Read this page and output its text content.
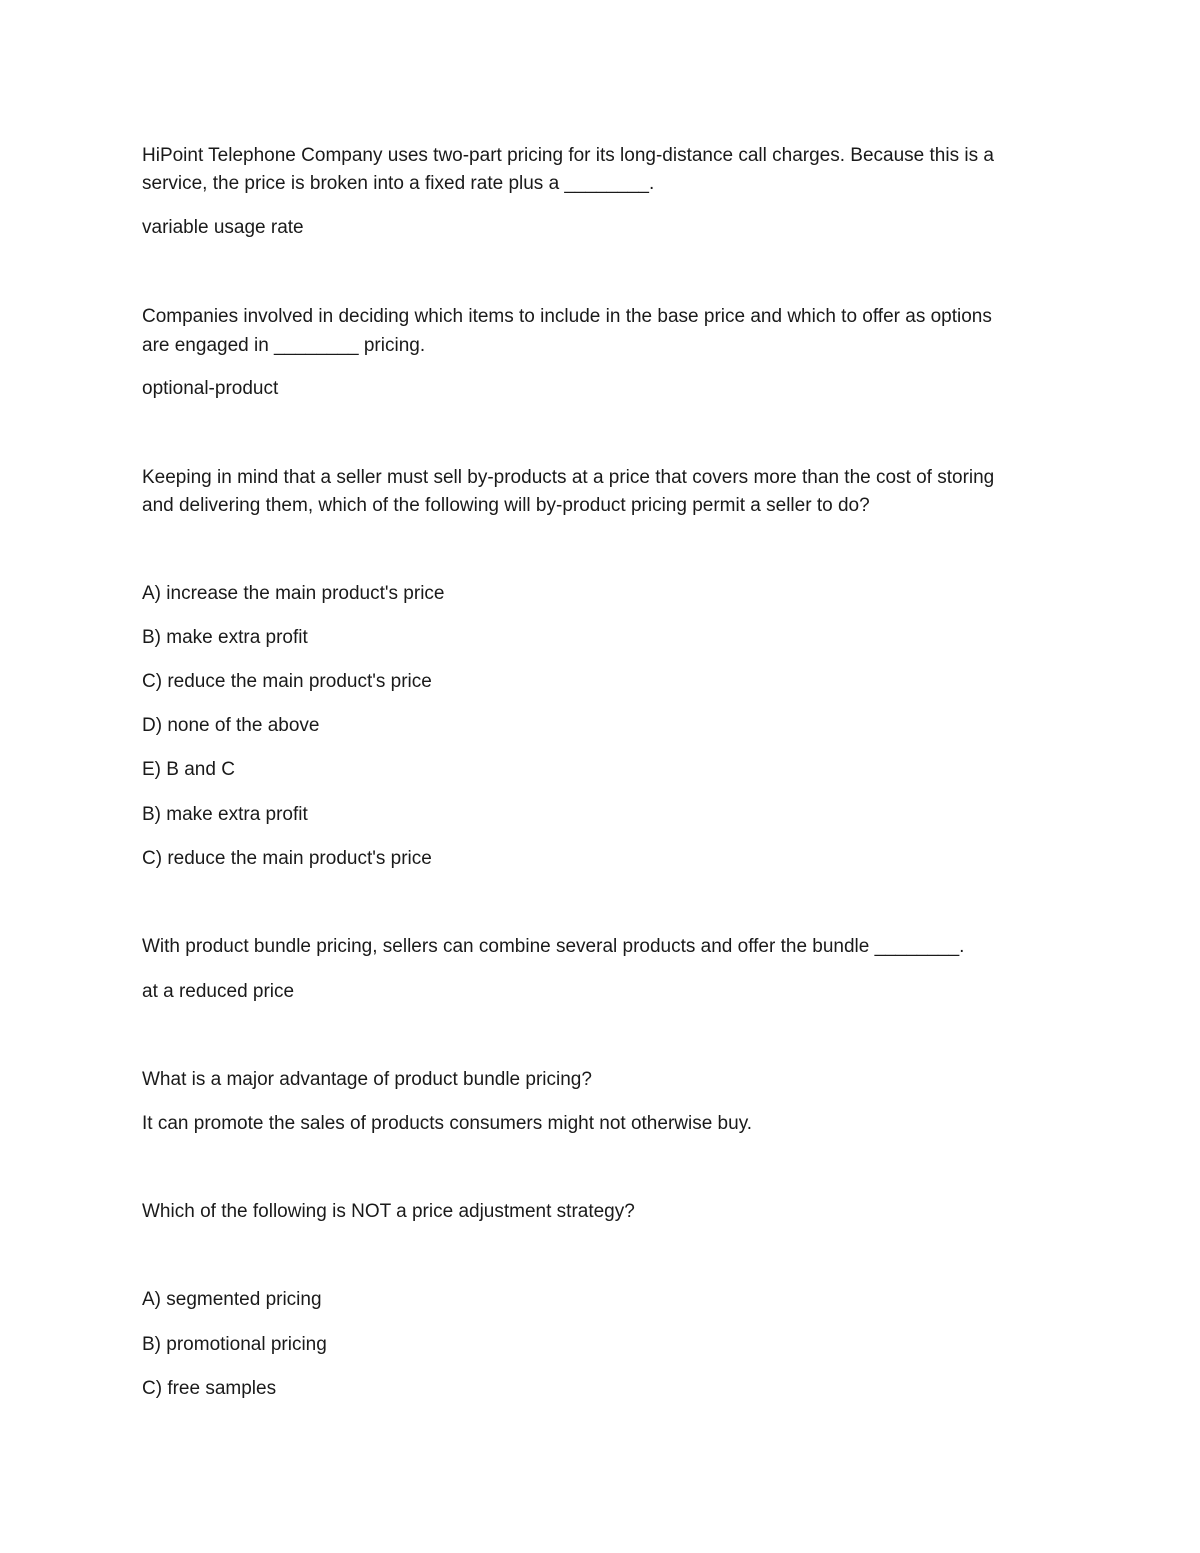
HiPoint Telephone Company uses two-part pricing for its long-distance call charges. Because this is a
service, the price is broken into a fixed rate plus a ________.
variable usage rate
Companies involved in deciding which items to include in the base price and which to offer as options
are engaged in ________ pricing.
optional-product
Keeping in mind that a seller must sell by-products at a price that covers more than the cost of storing
and delivering them, which of the following will by-product pricing permit a seller to do?
A) increase the main product's price
B) make extra profit
C) reduce the main product's price
D) none of the above
E) B and C
B) make extra profit
C) reduce the main product's price
With product bundle pricing, sellers can combine several products and offer the bundle ________.
at a reduced price
What is a major advantage of product bundle pricing?
It can promote the sales of products consumers might not otherwise buy.
Which of the following is NOT a price adjustment strategy?
A) segmented pricing
B) promotional pricing
C) free samples
